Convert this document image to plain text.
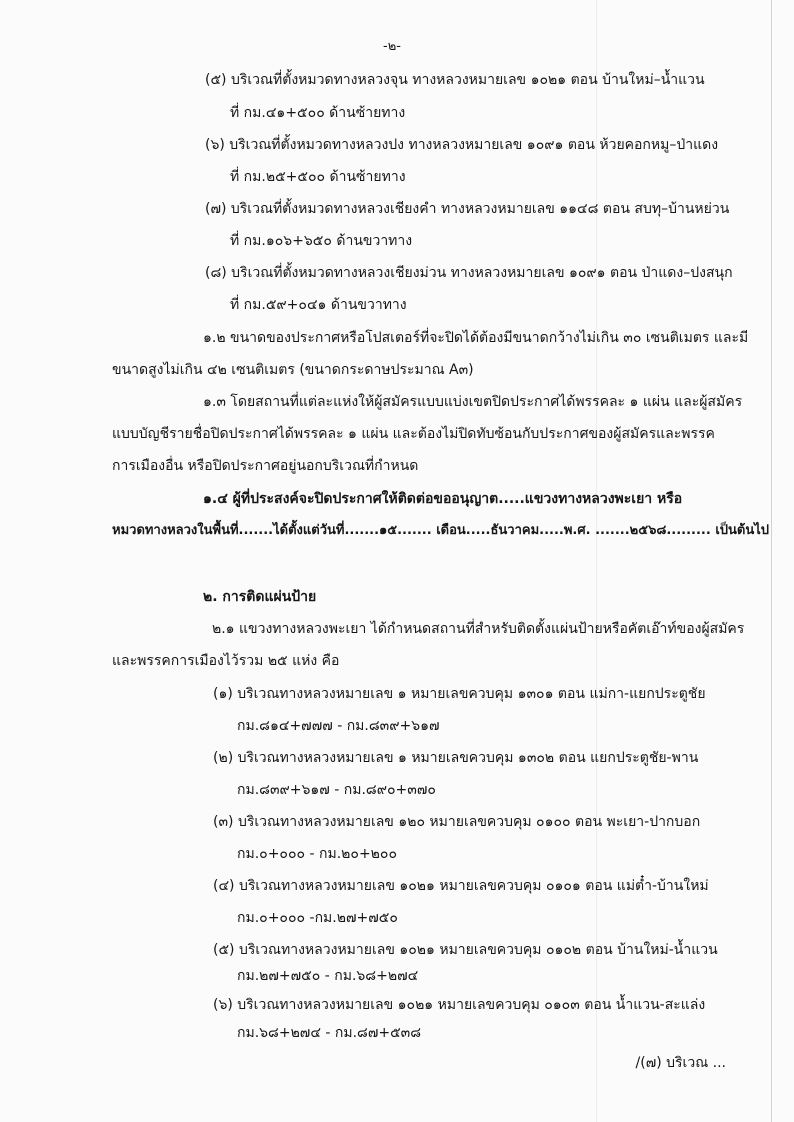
-๒-
(๕) บริเวณที่ตั้งหมวดทางหลวงจุน ทางหลวงหมายเลข ๑๐๒๑ ตอน บ้านใหม่–น้ำแวน
ที่ กม.๔๑+๕๐๐ ด้านซ้ายทาง
(๖) บริเวณที่ตั้งหมวดทางหลวงปง ทางหลวงหมายเลข ๑๐๙๑ ตอน ห้วยคอกหมู–ป่าแดง
ที่ กม.๒๕+๕๐๐ ด้านซ้ายทาง
(๗) บริเวณที่ตั้งหมวดทางหลวงเชียงคำ ทางหลวงหมายเลข ๑๑๔๘ ตอน สบทุ–บ้านหย่วน
ที่ กม.๑๐๖+๖๕๐ ด้านขวาทาง
(๘) บริเวณที่ตั้งหมวดทางหลวงเชียงม่วน ทางหลวงหมายเลข ๑๐๙๑ ตอน ป่าแดง–ปงสนุก
ที่ กม.๕๙+๐๔๑ ด้านขวาทาง
๑.๒ ขนาดของประกาศหรือโปสเตอร์ที่จะปิดได้ต้องมีขนาดกว้างไม่เกิน ๓๐ เซนติเมตร และมี
ขนาดสูงไม่เกิน ๔๒ เซนติเมตร (ขนาดกระดาษประมาณ A๓)
๑.๓ โดยสถานที่แต่ละแห่งให้ผู้สมัครแบบแบ่งเขตปิดประกาศได้พรรคละ ๑ แผ่น และผู้สมัคร
แบบบัญชีรายชื่อปิดประกาศได้พรรคละ ๑ แผ่น และต้องไม่ปิดทับซ้อนกับประกาศของผู้สมัครและพรรค
การเมืองอื่น หรือปิดประกาศอยู่นอกบริเวณที่กำหนด
๑.๔ ผู้ที่ประสงค์จะปิดประกาศให้ติดต่อขออนุญาต.....แขวงทางหลวงพะเยา หรือ
หมวดทางหลวงในพื้นที่.......ได้ตั้งแต่วันที่.......๑๕....... เดือน.....ธันวาคม.....พ.ศ. .......๒๕๖๘......... เป็นต้นไป
๒. การติดแผ่นป้าย
๒.๑ แขวงทางหลวงพะเยา ได้กำหนดสถานที่สำหรับติดตั้งแผ่นป้ายหรือคัตเอ๊าท์ของผู้สมัคร
และพรรคการเมืองไว้รวม ๒๕ แห่ง คือ
(๑) บริเวณทางหลวงหมายเลข ๑ หมายเลขควบคุม ๑๓๐๑ ตอน แม่กา-แยกประตูชัย
กม.๘๑๔+๗๗๗ - กม.๘๓๙+๖๑๗
(๒) บริเวณทางหลวงหมายเลข ๑ หมายเลขควบคุม ๑๓๐๒ ตอน แยกประตูชัย-พาน
กม.๘๓๙+๖๑๗ - กม.๘๙๐+๓๗๐
(๓) บริเวณทางหลวงหมายเลข ๑๒๐ หมายเลขควบคุม ๐๑๐๐ ตอน พะเยา-ปากบอก
กม.๐+๐๐๐ - กม.๒๐+๒๐๐
(๔) บริเวณทางหลวงหมายเลข ๑๐๒๑ หมายเลขควบคุม ๐๑๐๑ ตอน แม่ต๋ำ-บ้านใหม่
กม.๐+๐๐๐ -กม.๒๗+๗๕๐
(๕) บริเวณทางหลวงหมายเลข ๑๐๒๑ หมายเลขควบคุม ๐๑๐๒ ตอน บ้านใหม่-น้ำแวน
กม.๒๗+๗๕๐ - กม.๖๘+๒๗๔
(๖) บริเวณทางหลวงหมายเลข ๑๐๒๑ หมายเลขควบคุม ๐๑๐๓ ตอน น้ำแวน-สะแล่ง
กม.๖๘+๒๗๔ - กม.๘๗+๕๓๘
/(๗) บริเวณ ...
